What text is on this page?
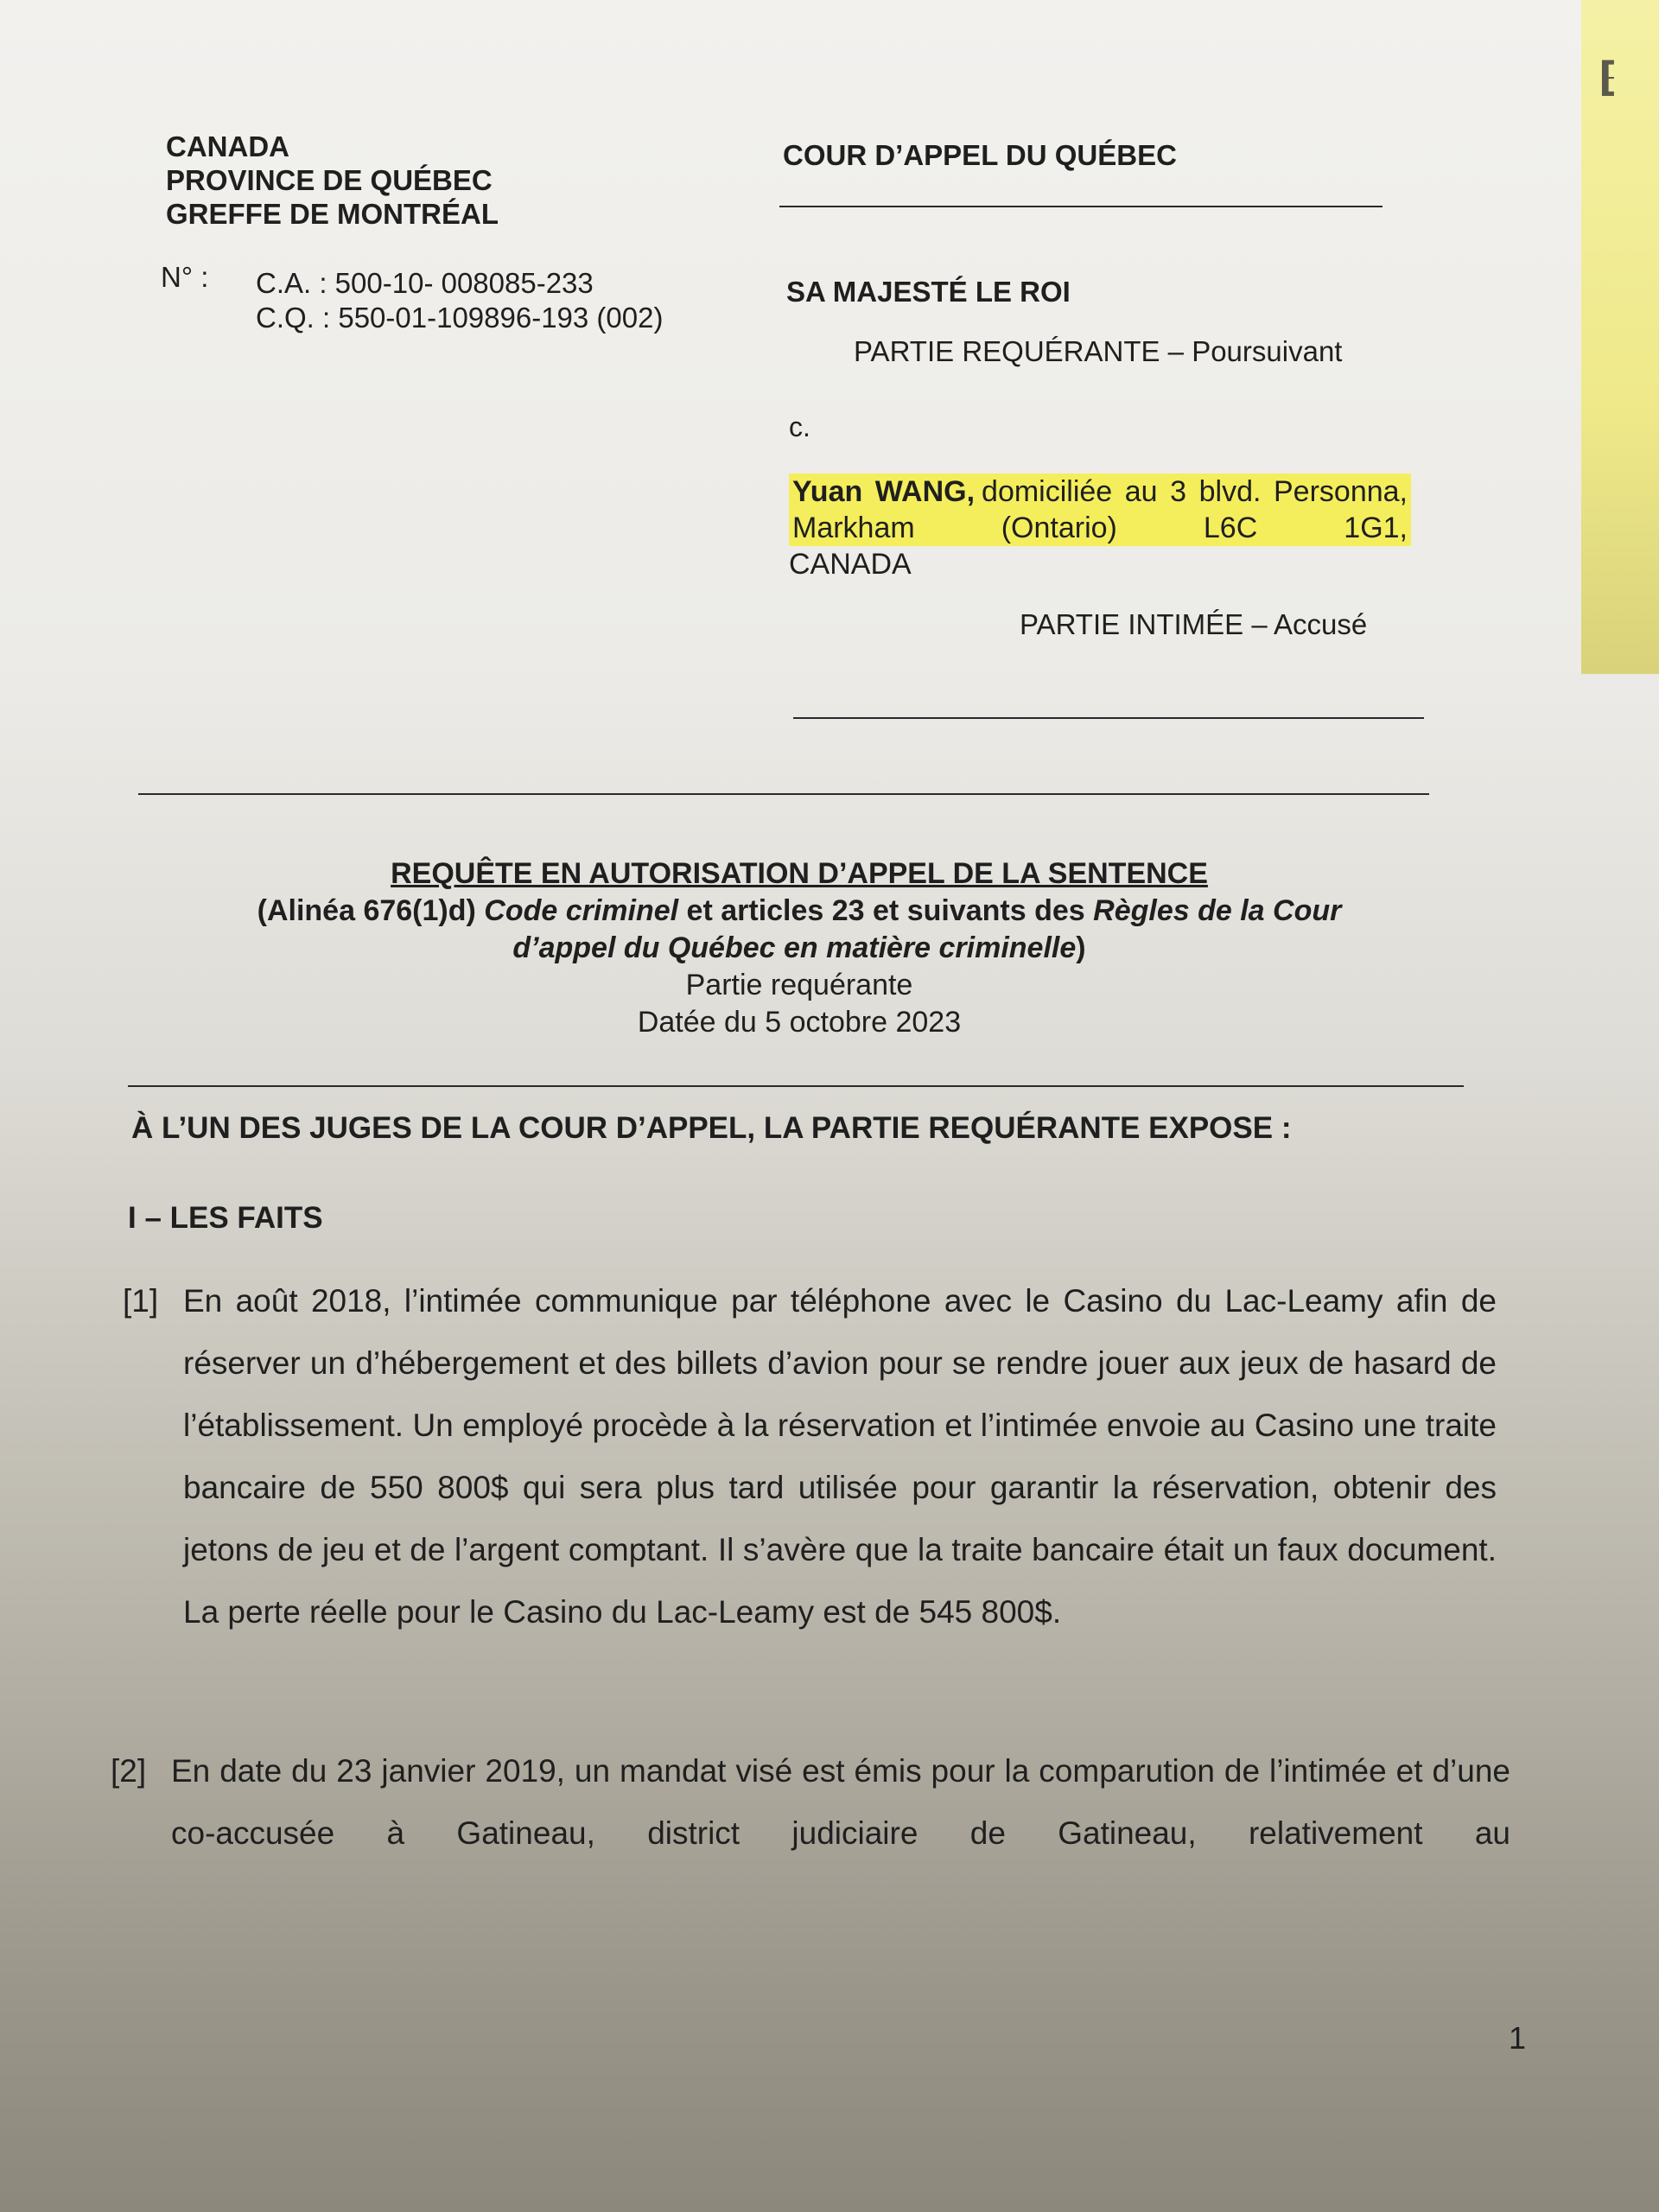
⁅
CANADA
PROVINCE DE QUÉBEC
GREFFE DE MONTRÉAL
N° : C.A. : 500-10- 008085-233
C.Q. : 550-01-109896-193 (002)
COUR D’APPEL DU QUÉBEC
SA MAJESTÉ LE ROI
PARTIE REQUÉRANTE – Poursuivant
c.
Yuan WANG, domiciliée au 3 blvd. Personna, Markham (Ontario) L6C 1G1,
CANADA
PARTIE INTIMÉE – Accusé
REQUÊTE EN AUTORISATION D’APPEL DE LA SENTENCE
(Alinéa 676(1)d) Code criminel et articles 23 et suivants des Règles de la Cour d’appel du Québec en matière criminelle)
Partie requérante
Datée du 5 octobre 2023
À L’UN DES JUGES DE LA COUR D’APPEL, LA PARTIE REQUÉRANTE EXPOSE :
I – LES FAITS
[1] En août 2018, l’intimée communique par téléphone avec le Casino du Lac-Leamy afin de réserver un d’hébergement et des billets d’avion pour se rendre jouer aux jeux de hasard de l’établissement. Un employé procède à la réservation et l’intimée envoie au Casino une traite bancaire de 550 800$ qui sera plus tard utilisée pour garantir la réservation, obtenir des jetons de jeu et de l’argent comptant. Il s’avère que la traite bancaire était un faux document. La perte réelle pour le Casino du Lac-Leamy est de 545 800$.
[2] En date du 23 janvier 2019, un mandat visé est émis pour la comparution de l’intimée et d’une co-accusée à Gatineau, district judiciaire de Gatineau, relativement au
1
